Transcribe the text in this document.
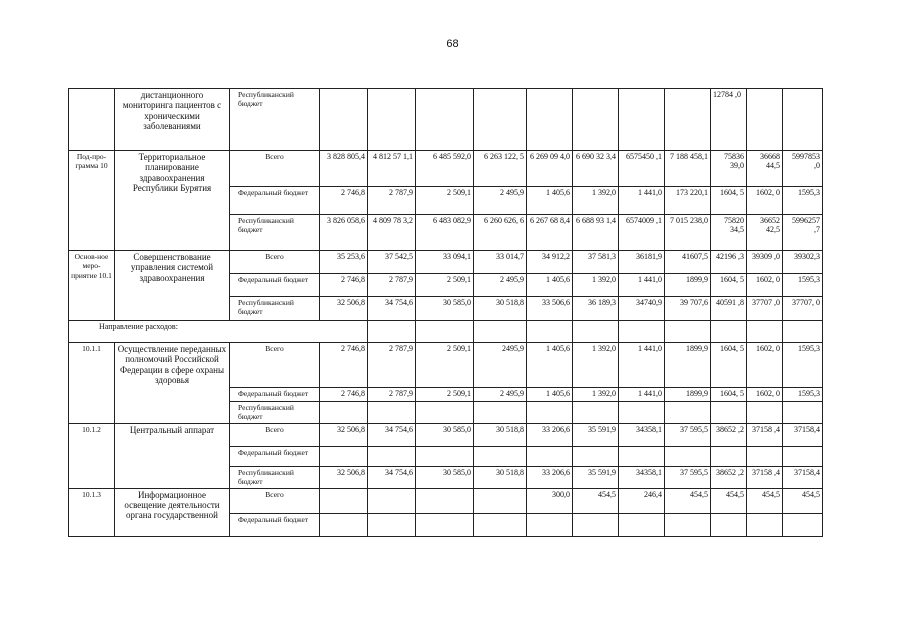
68
	дистанционного мониторинга пациентов с хроническими заболеваниями	Республиканский бюджет									12784 ,0		
Под-про-грамма 10	Территориальное планирование здравоохранения Республики Бурятия	Всего	3 828 805,4	4 812 57 1,1	6 485 592,0	6 263 122, 5	6 269 09 4,0	6 690 32 3,4	6575450 ,1	7 188 458,1	75836 39,0	36668 44,5	5997853 ,0
		Федеральный бюджет	2 746,8	2 787,9	2 509,1	2 495,9	1 405,6	1 392,0	1 441,0	173 220,1	1604, 5	1602, 0	1595,3
		Республиканский бюджет	3 826 058,6	4 809 78 3,2	6 483 082,9	6 260 626, 6	6 267 68 8,4	6 688 93 1,4	6574009 ,1	7 015 238,0	75820 34,5	36652 42,5	5996257 ,7
Основ-ное меро-приятие 10.1	Совершенствование управления системой здравоохранения	Всего	35 253,6	37 542,5	33 094,1	33 014,7	34 912,2	37 581,3	36181,9	41607,5	42196 ,3	39309 ,0	39302,3
		Федеральный бюджет	2 746,8	2 787,9	2 509,1	2 495,9	1 405,6	1 392,0	1 441,0	1899,9	1604, 5	1602, 0	1595,3
		Республиканский бюджет	32 506,8	34 754,6	30 585,0	30 518,8	33 506,6	36 189,3	34740,9	39 707,6	40591 ,8	37707 ,0	37707, 0
Направление расходов:													
10.1.1	Осуществление переданных полномочий Российской Федерации в сфере охраны здоровья	Всего	2 746,8	2 787,9	2 509,1	2495,9	1 405,6	1 392,0	1 441,0	1899,9	1604, 5	1602, 0	1595,3
		Федеральный бюджет	2 746,8	2 787,9	2 509,1	2 495,9	1 405,6	1 392,0	1 441,0	1899,9	1604, 5	1602, 0	1595,3
		Республиканский бюджет											
10.1.2	Центральный аппарат	Всего	32 506,8	34 754,6	30 585,0	30 518,8	33 206,6	35 591,9	34358,1	37 595,5	38652 ,2	37158 ,4	37158,4
		Федеральный бюджет											
		Республиканский бюджет	32 506,8	34 754,6	30 585,0	30 518,8	33 206,6	35 591,9	34358,1	37 595,5	38652 ,2	37158 ,4	37158,4
10.1.3	Информационное освещение деятельности органа государственной	Всего					300,0	454,5	246,4	454,5	454,5	454,5	454,5
		Федеральный бюджет											
